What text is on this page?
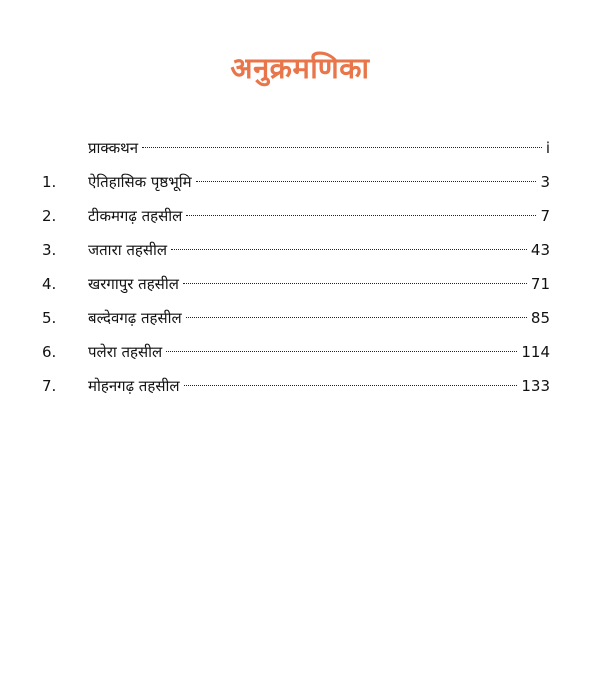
अनुक्रमणिका
प्राक्कथन	i
1.	ऐतिहासिक पृष्ठभूमि	3
2.	टीकमगढ़ तहसील	7
3.	जतारा तहसील	43
4.	खरगापुर तहसील	71
5.	बल्देवगढ़ तहसील	85
6.	पलेरा तहसील	114
7.	मोहनगढ़ तहसील	133
